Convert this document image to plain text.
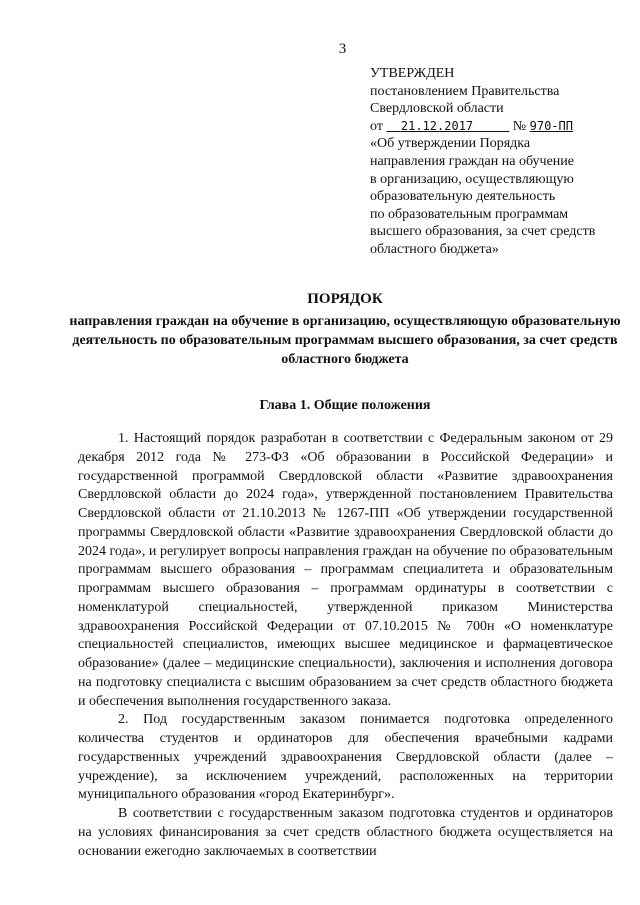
3
УТВЕРЖДЕН
постановлением Правительства
Свердловской области
от 21.12.2017	№ 970-ПП
«Об утверждении Порядка
направления граждан на обучение
в организацию, осуществляющую
образовательную деятельность
по образовательным программам
высшего образования, за счет средств
областного бюджета»
ПОРЯДОК
направления граждан на обучение в организацию, осуществляющую образовательную деятельность по образовательным программам высшего образования, за счет средств областного бюджета
Глава 1. Общие положения

1. Настоящий порядок разработан в соответствии с Федеральным законом от 29 декабря 2012 года № 273-ФЗ «Об образовании в Российской Федерации» и государственной программой Свердловской области «Развитие здравоохранения Свердловской области до 2024 года», утвержденной постановлением Правительства Свердловской области от 21.10.2013 № 1267-ПП «Об утверждении государственной программы Свердловской области «Развитие здравоохранения Свердловской области до 2024 года», и регулирует вопросы направления граждан на обучение по образовательным программам высшего образования – программам специалитета и образовательным программам высшего образования – программам ординатуры в соответствии с номенклатурой специальностей, утвержденной приказом Министерства здравоохранения Российской Федерации от 07.10.2015 № 700н «О номенклатуре специальностей специалистов, имеющих высшее медицинское и фармацевтическое образование» (далее – медицинские специальности), заключения и исполнения договора на подготовку специалиста с высшим образованием за счет средств областного бюджета и обеспечения выполнения государственного заказа.

2. Под государственным заказом понимается подготовка определенного количества студентов и ординаторов для обеспечения врачебными кадрами государственных учреждений здравоохранения Свердловской области (далее – учреждение), за исключением учреждений, расположенных на территории муниципального образования «город Екатеринбург».

В соответствии с государственным заказом подготовка студентов и ординаторов на условиях финансирования за счет средств областного бюджета осуществляется на основании ежегодно заключаемых в соответствии
